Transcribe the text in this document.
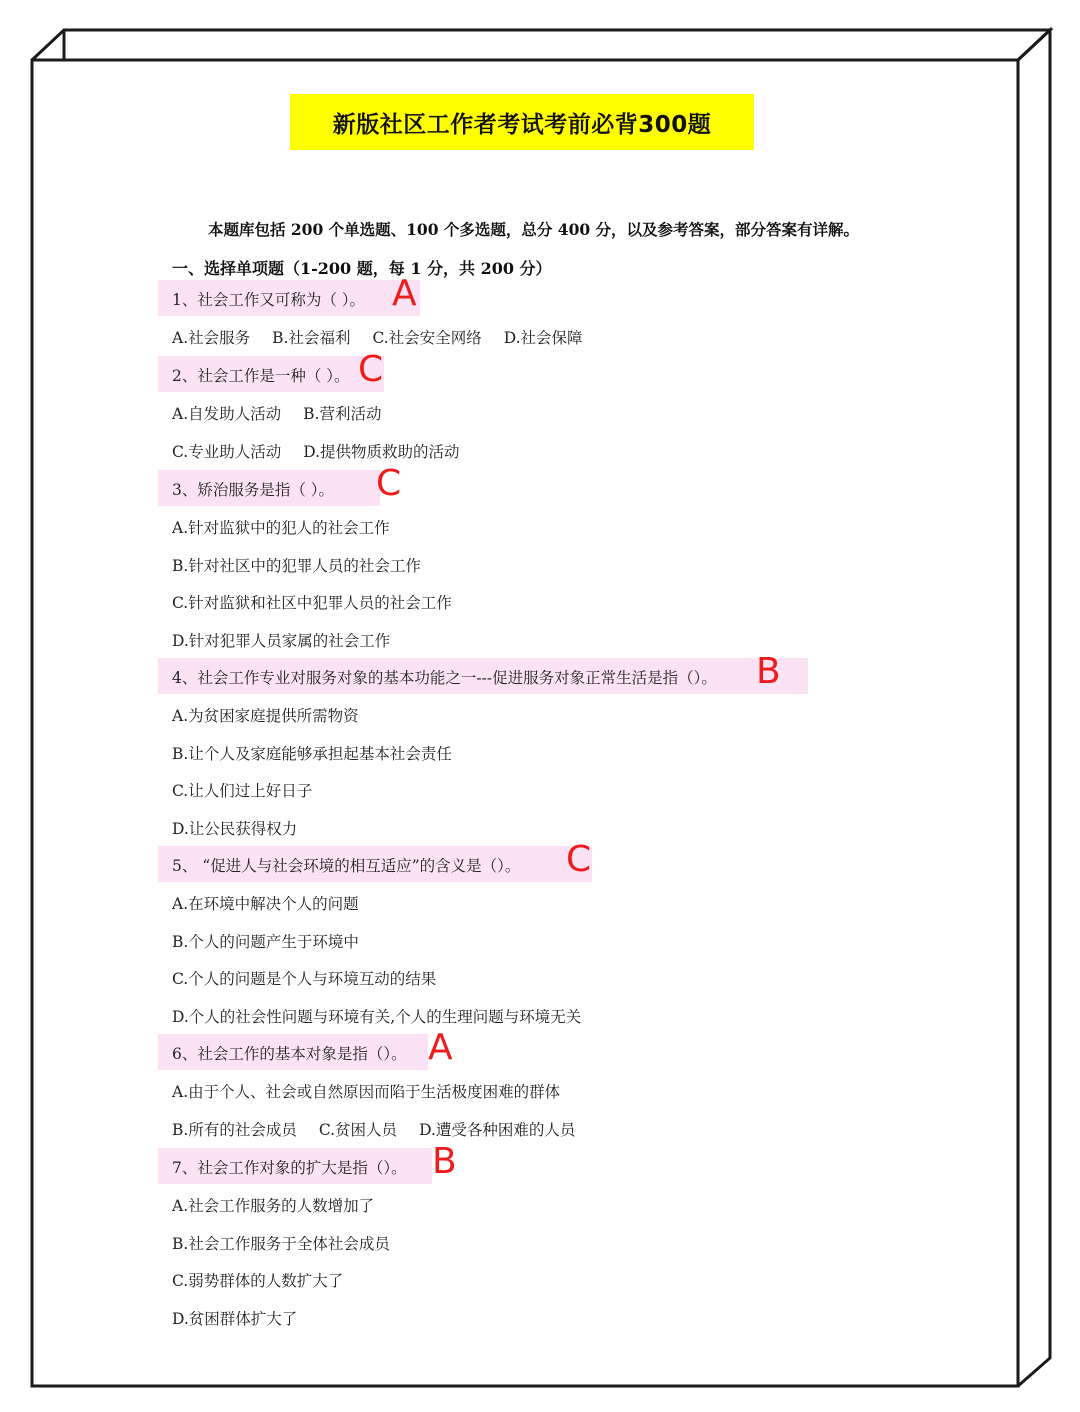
新版社区工作者考试考前必背300题
本题库包括 200 个单选题、100 个多选题，总分 400 分，以及参考答案，部分答案有详解。
一、选择单项题（1-200 题，每 1 分，共 200 分）
1、社会工作又可称为（ ）。 A
A.社会服务 B.社会福利 C.社会安全网络 D.社会保障
2、社会工作是一种（ ）。 C
A.自发助人活动 B.营利活动
C.专业助人活动 D.提供物质救助的活动
3、矫治服务是指（ ）。 C
A.针对监狱中的犯人的社会工作
B.针对社区中的犯罪人员的社会工作
C.针对监狱和社区中犯罪人员的社会工作
D.针对犯罪人员家属的社会工作
4、社会工作专业对服务对象的基本功能之一---促进服务对象正常生活是指（）。 B
A.为贫困家庭提供所需物资
B.让个人及家庭能够承担起基本社会责任
C.让人们过上好日子
D.让公民获得权力
5、 “促进人与社会环境的相互适应”的含义是（）。 C
A.在环境中解决个人的问题
B.个人的问题产生于环境中
C.个人的问题是个人与环境互动的结果
D.个人的社会性问题与环境有关,个人的生理问题与环境无关
6、社会工作的基本对象是指（）。 A
A.由于个人、社会或自然原因而陷于生活极度困难的群体
B.所有的社会成员 C.贫困人员 D.遭受各种困难的人员
7、社会工作对象的扩大是指（）。 B
A.社会工作服务的人数增加了
B.社会工作服务于全体社会成员
C.弱势群体的人数扩大了
D.贫困群体扩大了
